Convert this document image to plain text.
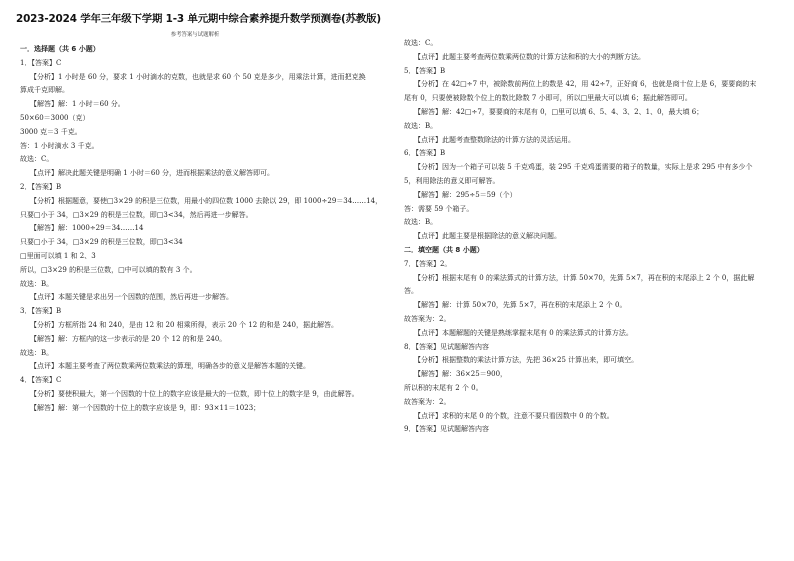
2023-2024 学年三年级下学期 1-3 单元期中综合素养提升数学预测卷(苏教版)
参考答案与试题解析
一．选择题（共 6 小题）
1．【答案】C
【分析】1 小时是 60 分，要求 1 小时滴水的克数，也就是求 60 个 50 克是多少，用乘法计算，进而把克换
算成千克即解。
【解答】解：1 小时＝60 分。
50×60＝3000（克）
3000 克＝3 千克。
答：1 小时滴水 3 千克。
故选：C。
【点评】解决此题关键是明确 1 小时＝60 分，进而根据乘法的意义解答即可。
2．【答案】B
【分析】根据题意，要使□3×29 的积是三位数，用最小的四位数 1000 去除以 29，即 1000÷29＝34……14，
只要□小于 34，□3×29 的积是三位数，即□3<34，然后再进一步解答。
【解答】解：1000÷29＝34……14
只要□小于 34，□3×29 的积是三位数，即□3<34
□里面可以填 1 和 2、3
所以，□3×29 的积是三位数，□中可以填的数有 3 个。
故选：B。
【点评】本题关键是求出另一个因数的范围，然后再进一步解答。
3．【答案】B
【分析】方框所指 24 和 240，是由 12 和 20 相乘所得，表示 20 个 12 的和是 240，据此解答。
【解答】解：方框内的这一步表示的是 20 个 12 的和是 240。
故选：B。
【点评】本题主要考查了两位数乘两位数乘法的算理，明确各步的意义是解答本题的关键。
4．【答案】C
【分析】要使积最大，第一个因数的十位上的数字应该是最大的一位数，即十位上的数字是 9，由此解答。
【解答】解：第一个因数的十位上的数字应该是 9，即：93×11＝1023；
故选：C。
【点评】此题主要考查两位数乘两位数的计算方法和积的大小的判断方法。
5．【答案】B
【分析】在 42□÷7 中，被除数前两位上的数是 42，用 42÷7，正好商 6，也就是商十位上是 6，要要商的末
尾有 0，只要使被除数个位上的数比除数 7 小即可，所以□里最大可以填 6；据此解答即可。
【解答】解：42□÷7，要要商的末尾有 0，□里可以填 6、5、4、3、2、1、0，最大填 6；
故选：B。
【点评】此题考查整数除法的计算方法的灵活运用。
6．【答案】B
【分析】因为一个箱子可以装 5 千克鸡蛋，装 295 千克鸡蛋需要的箱子的数量，实际上是求 295 中有多少个
5，利用除法的意义即可解答。
【解答】解：295÷5＝59（个）
答：需要 59 个箱子。
故选：B。
【点评】此题主要是根据除法的意义解决问题。
二．填空题（共 8 小题）
7．【答案】2。
【分析】根据末尾有 0 的乘法算式的计算方法，计算 50×70，先算 5×7，再在积的末尾添上 2 个 0，据此解
答。
【解答】解：计算 50×70，先算 5×7，再在积的末尾添上 2 个 0。
故答案为：2。
【点评】本题解题的关键是熟练掌握末尾有 0 的乘法算式的计算方法。
8．【答案】见试题解答内容
【分析】根据整数的乘法计算方法，先把 36×25 计算出来，即可填空。
【解答】解：36×25＝900，
所以积的末尾有 2 个 0。
故答案为：2。
【点评】求积的末尾 0 的个数，注意不要只看因数中 0 的个数。
9．【答案】见试题解答内容
